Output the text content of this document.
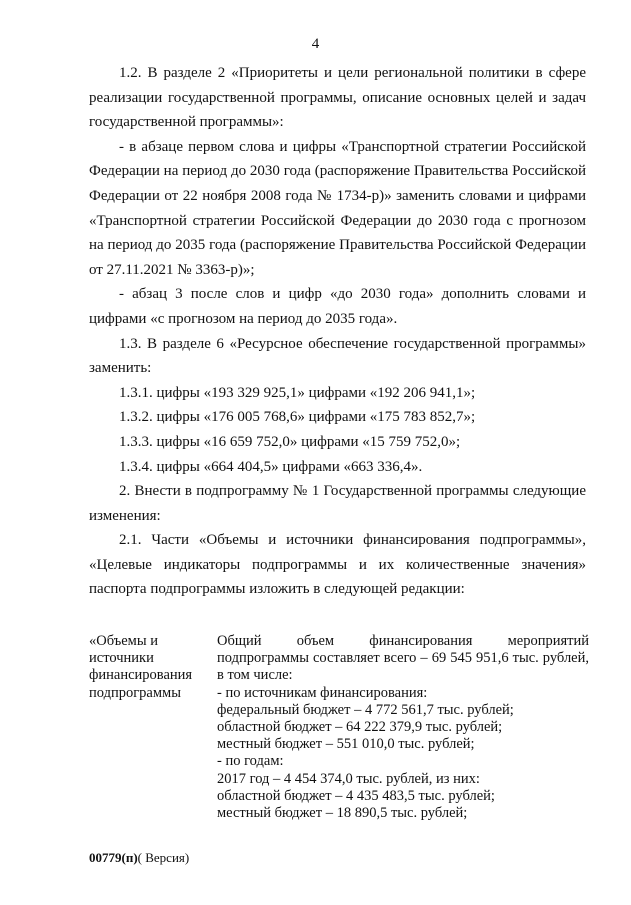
4

1.2. В разделе 2 «Приоритеты и цели региональной политики в сфере реализации государственной программы, описание основных целей и задач государственной программы»:

- в абзаце первом слова и цифры «Транспортной стратегии Российской Федерации на период до 2030 года (распоряжение Правительства Российской Федерации от 22 ноября 2008 года № 1734-р)» заменить словами и цифрами «Транспортной стратегии Российской Федерации до 2030 года с прогнозом на период до 2035 года (распоряжение Правительства Российской Федерации от 27.11.2021 № 3363-р)»;

- абзац 3 после слов и цифр «до 2030 года» дополнить словами и цифрами «с прогнозом на период до 2035 года».

1.3. В разделе 6 «Ресурсное обеспечение государственной программы» заменить:

1.3.1. цифры «193 329 925,1» цифрами «192 206 941,1»;

1.3.2. цифры «176 005 768,6» цифрами «175 783 852,7»;

1.3.3. цифры «16 659 752,0» цифрами «15 759 752,0»;

1.3.4. цифры «664 404,5» цифрами «663 336,4».

2. Внести в подпрограмму № 1 Государственной программы следующие изменения:

2.1. Части «Объемы и источники финансирования подпрограммы», «Целевые индикаторы подпрограммы и их количественные значения» паспорта подпрограммы изложить в следующей редакции:

«Объемы и источники финансирования подпрограммы
Общий объем финансирования мероприятий подпрограммы составляет всего – 69 545 951,6 тыс. рублей, в том числе:
- по источникам финансирования:
федеральный бюджет – 4 772 561,7 тыс. рублей;
областной бюджет – 64 222 379,9 тыс. рублей;
местный бюджет – 551 010,0 тыс. рублей;
- по годам:
2017 год – 4 454 374,0 тыс. рублей, из них:
областной бюджет – 4 435 483,5 тыс. рублей;
местный бюджет – 18 890,5 тыс. рублей;
00779(п)( Версия)
